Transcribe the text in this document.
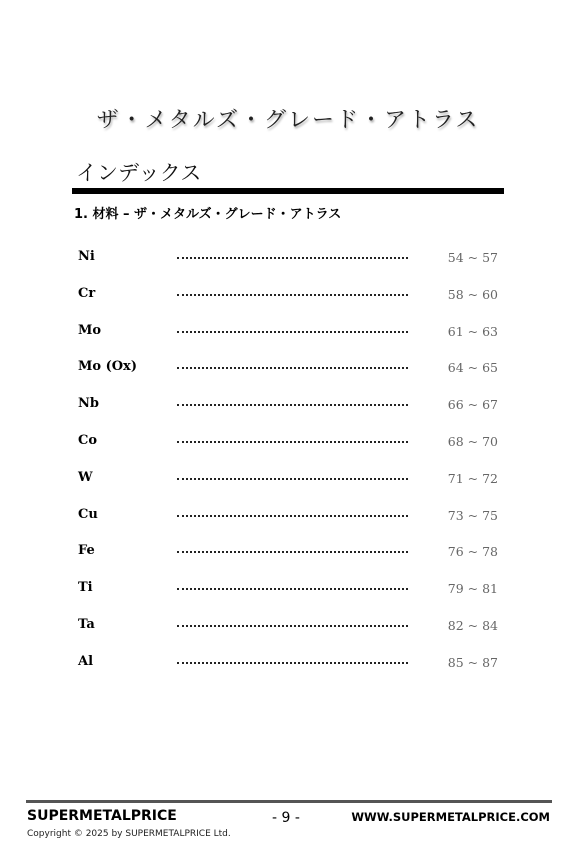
ザ・メタルズ・グレード・アトラス
インデックス
1. 材料 – ザ・メタルズ・グレード・アトラス
Ni	54 ~ 57
Cr	58 ~ 60
Mo	61 ~ 63
Mo (Ox)	64 ~ 65
Nb	66 ~ 67
Co	68 ~ 70
W	71 ~ 72
Cu	73 ~ 75
Fe	76 ~ 78
Ti	79 ~ 81
Ta	82 ~ 84
Al	85 ~ 87
SUPERMETALPRICE	- 9 -	WWW.SUPERMETALPRICE.COM
Copyright © 2025 by SUPERMETALPRICE Ltd.
